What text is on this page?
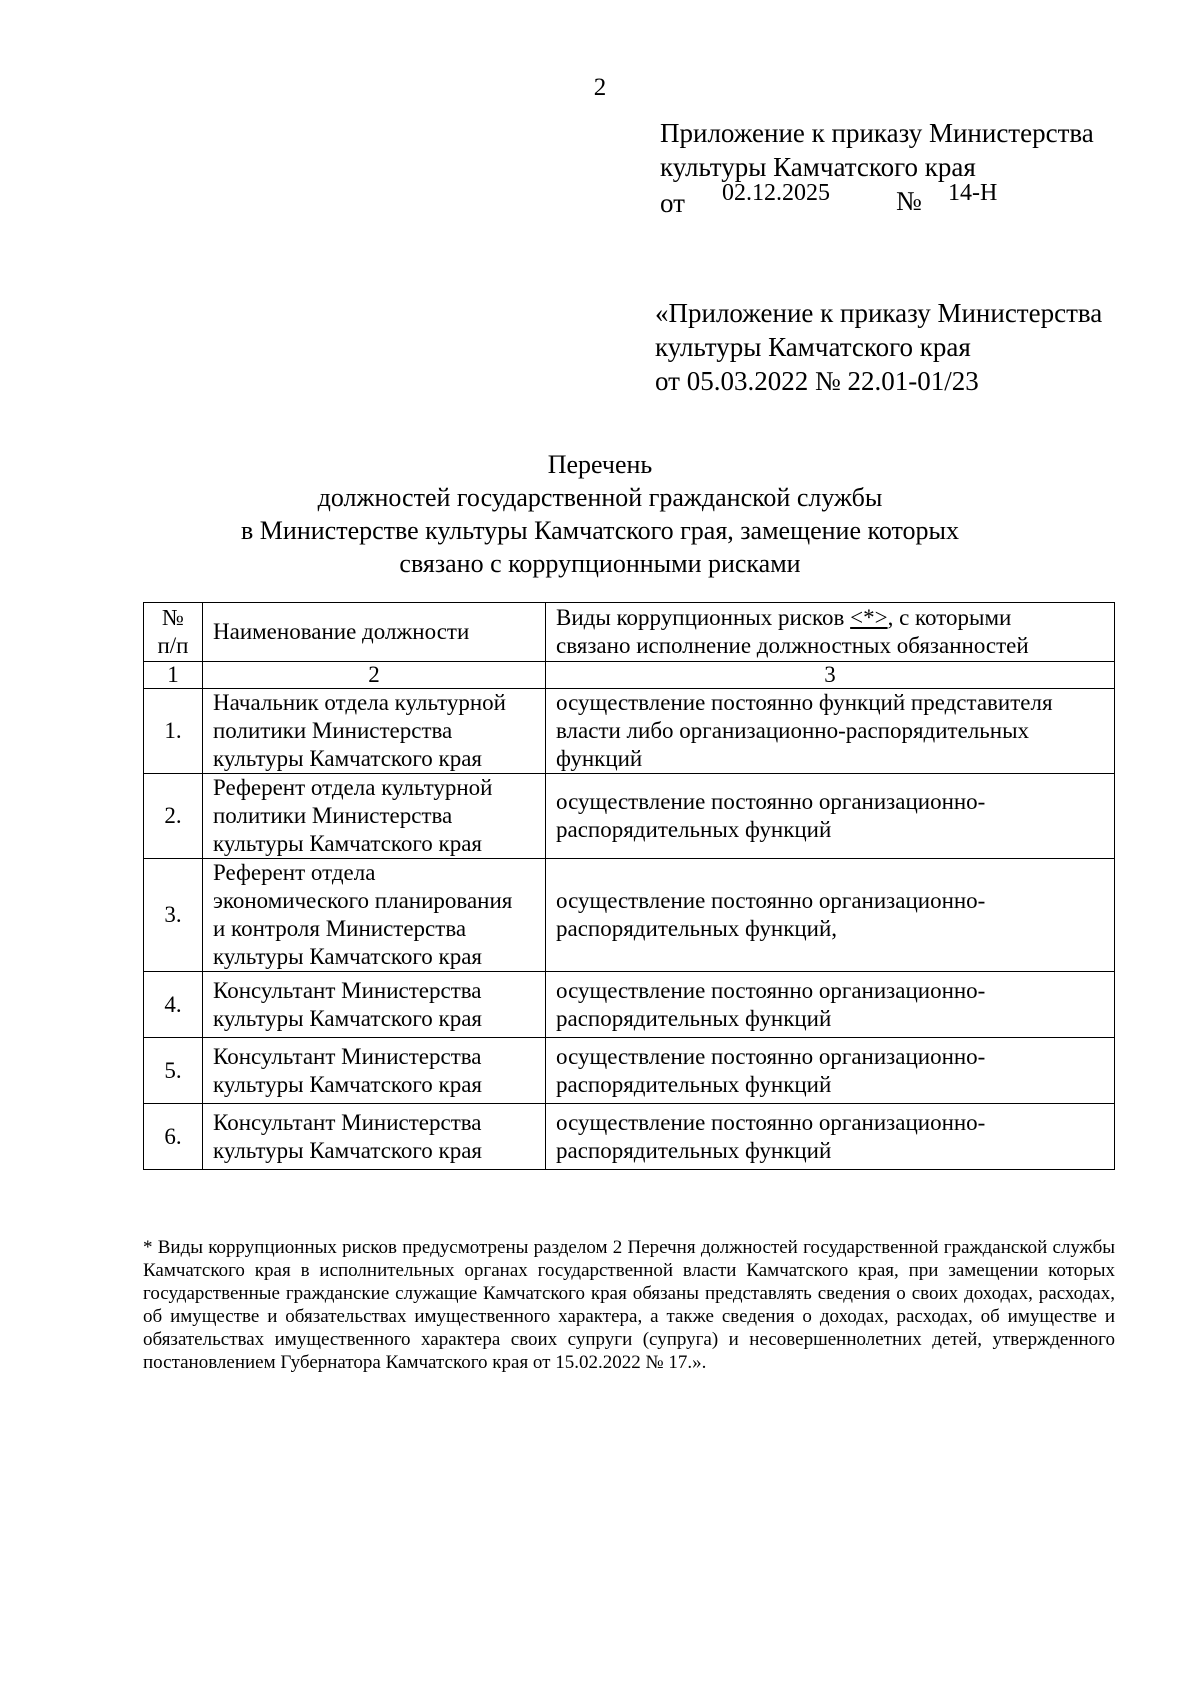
2
Приложение к приказу Министерства
культуры Камчатского края
от 02.12.2025 № 14-Н
«Приложение к приказу Министерства
культуры Камчатского края
от 05.03.2022 № 22.01-01/23
Перечень
должностей государственной гражданской службы
в Министерстве культуры Камчатского грая, замещение которых
связано с коррупционными рисками
№
п/п	Наименование должности	Виды коррупционных рисков <*>, с которыми
связано исполнение должностных обязанностей

1	2	3
1.	Начальник отдела культурной
политики Министерства
культуры Камчатского края	осуществление постоянно функций представителя
власти либо организационно-распорядительных
функций

2.	Референт отдела культурной
политики Министерства
культуры Камчатского края	осуществление постоянно организационно-
распорядительных функций

3.	Референт отдела
экономического планирования
и контроля Министерства
культуры Камчатского края	осуществление постоянно организационно-
распорядительных функций,

4.	Консультант Министерства
культуры Камчатского края	осуществление постоянно организационно-
распорядительных функций

5.	Консультант Министерства
культуры Камчатского края	осуществление постоянно организационно-
распорядительных функций

6.	Консультант Министерства
культуры Камчатского края	осуществление постоянно организационно-
распорядительных функций
* Виды коррупционных рисков предусмотрены разделом 2 Перечня должностей государственной гражданской службы Камчатского края в исполнительных органах государственной власти Камчатского края, при замещении которых государственные гражданские служащие Камчатского края обязаны представлять сведения о своих доходах, расходах, об имуществе и обязательствах имущественного характера, а также сведения о доходах, расходах, об имуществе и обязательствах имущественного характера своих супруги (супруга) и несовершеннолетних детей, утвержденного постановлением Губернатора Камчатского края от 15.02.2022 № 17.».
